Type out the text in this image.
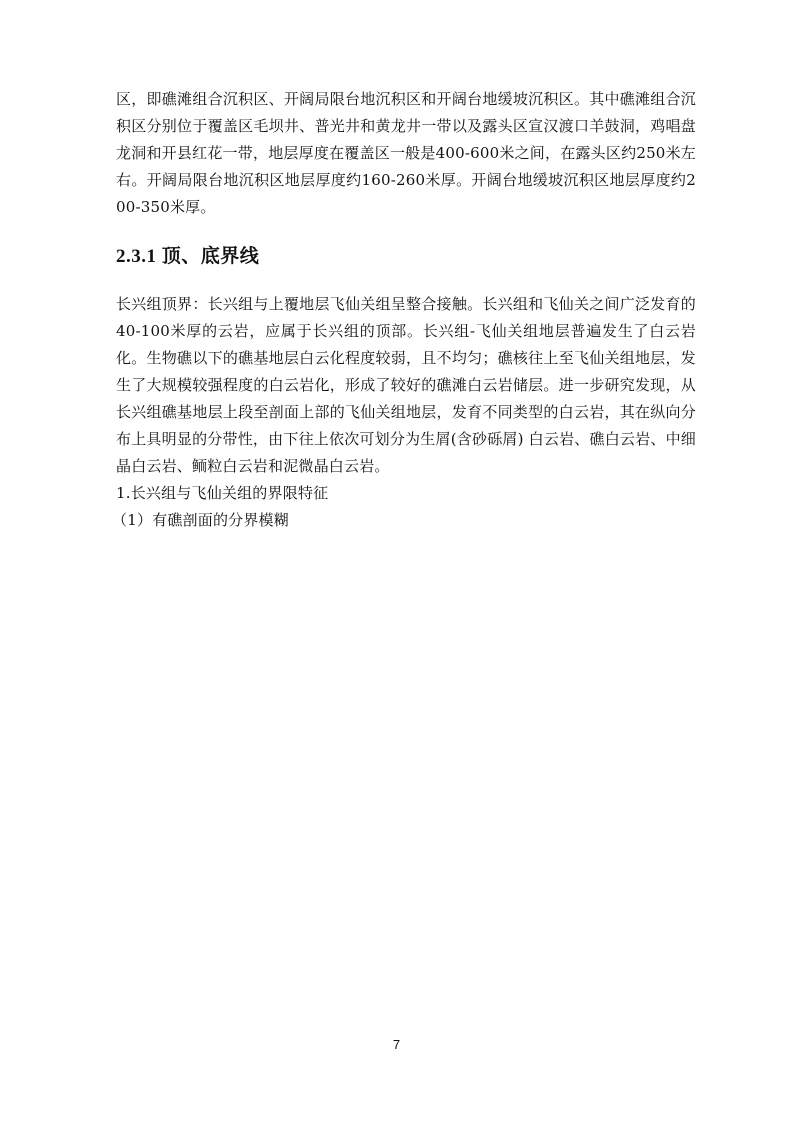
区，即礁滩组合沉积区、开阔局限台地沉积区和开阔台地缓坡沉积区。其中礁滩组合沉积区分别位于覆盖区毛坝井、普光井和黄龙井一带以及露头区宣汉渡口羊鼓洞，鸡唱盘龙洞和开县红花一带，地层厚度在覆盖区一般是400-600米之间，在露头区约250米左右。开阔局限台地沉积区地层厚度约160-260米厚。开阔台地缓坡沉积区地层厚度约200-350米厚。

2.3.1 顶、底界线

长兴组顶界：长兴组与上覆地层飞仙关组呈整合接触。长兴组和飞仙关之间广泛发育的40-100米厚的云岩，应属于长兴组的顶部。长兴组-飞仙关组地层普遍发生了白云岩化。生物礁以下的礁基地层白云化程度较弱，且不均匀；礁核往上至飞仙关组地层，发生了大规模较强程度的白云岩化，形成了较好的礁滩白云岩储层。进一步研究发现，从长兴组礁基地层上段至剖面上部的飞仙关组地层，发育不同类型的白云岩，其在纵向分布上具明显的分带性，由下往上依次可划分为生屑(含砂砾屑) 白云岩、礁白云岩、中细晶白云岩、鲕粒白云岩和泥微晶白云岩。

1.长兴组与飞仙关组的界限特征

（1）有礁剖面的分界模糊

7
